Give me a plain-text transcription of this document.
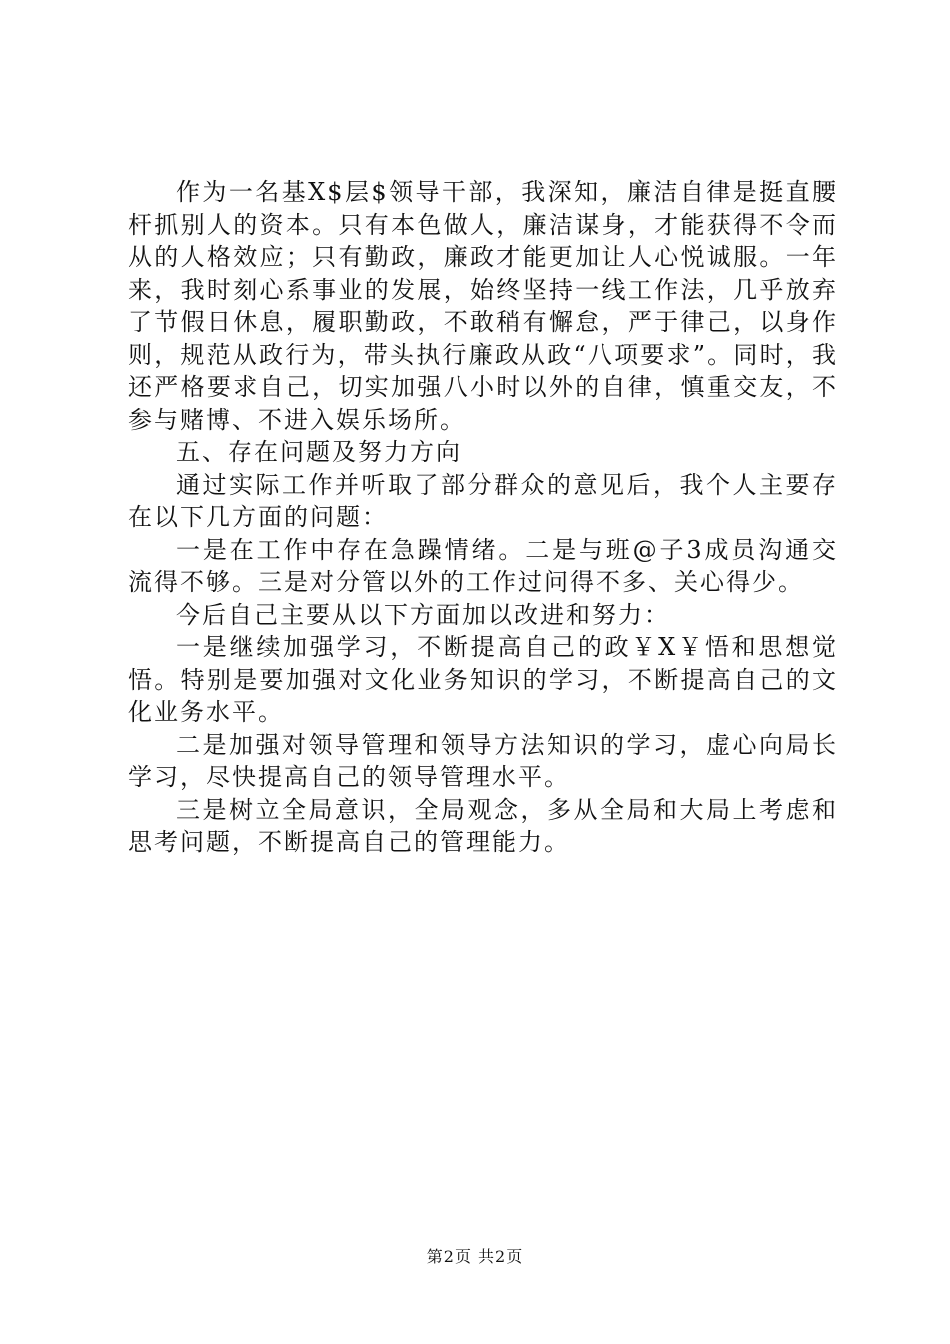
作为一名基X$层$领导干部，我深知，廉洁自律是挺直腰杆抓别人的资本。只有本色做人，廉洁谋身，才能获得不令而从的人格效应；只有勤政，廉政才能更加让人心悦诚服。一年来，我时刻心系事业的发展，始终坚持一线工作法，几乎放弃了节假日休息，履职勤政，不敢稍有懈怠，严于律己，以身作则，规范从政行为，带头执行廉政从政“八项要求”。同时，我还严格要求自己，切实加强八小时以外的自律，慎重交友，不参与赌博、不进入娱乐场所。

五、存在问题及努力方向

通过实际工作并听取了部分群众的意见后，我个人主要存在以下几方面的问题：

一是在工作中存在急躁情绪。二是与班@子3成员沟通交流得不够。三是对分管以外的工作过问得不多、关心得少。

今后自己主要从以下方面加以改进和努力：

一是继续加强学习，不断提高自己的政￥X￥悟和思想觉悟。特别是要加强对文化业务知识的学习，不断提高自己的文化业务水平。

二是加强对领导管理和领导方法知识的学习，虚心向局长学习，尽快提高自己的领导管理水平。

三是树立全局意识，全局观念，多从全局和大局上考虑和思考问题，不断提高自己的管理能力。

第2页 共2页
